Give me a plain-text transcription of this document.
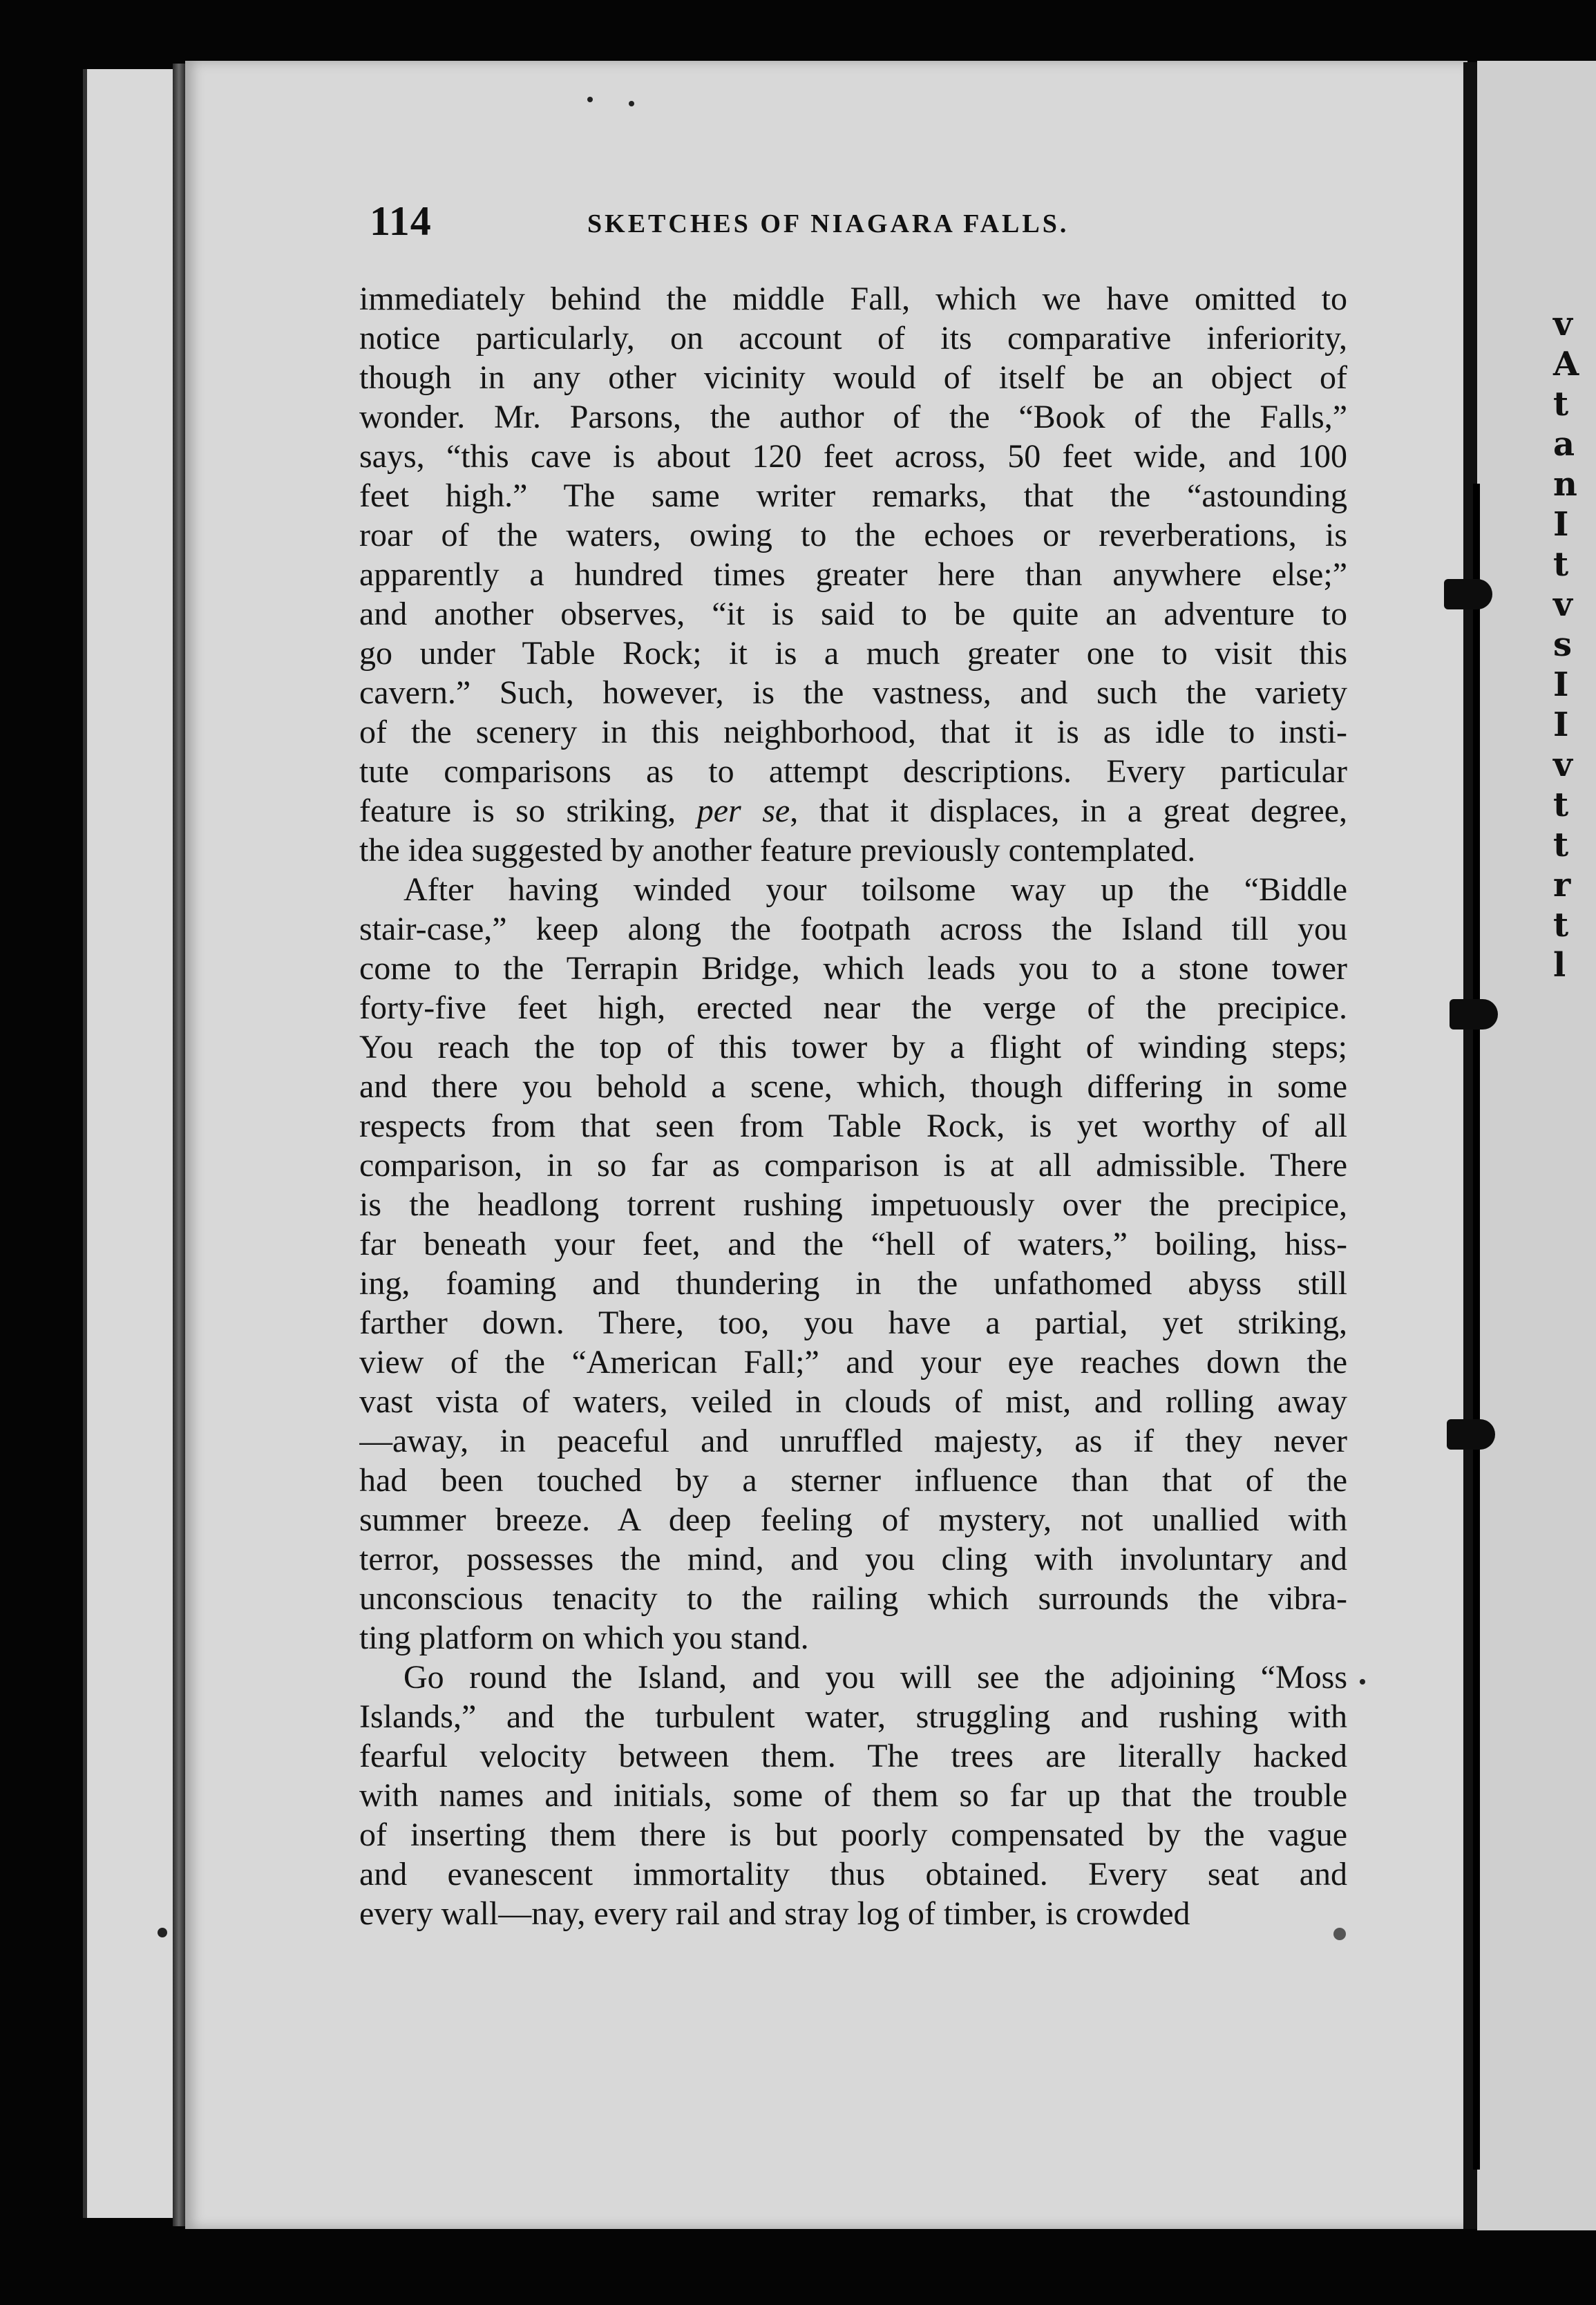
v
A
t
a
n
I
t
v
s
I
I
v
t
t
r
t
l
114	SKETCHES OF NIAGARA FALLS.
immediately behind the middle Fall, which we have omitted to
notice particularly, on account of its comparative inferiority,
though in any other vicinity would of itself be an object of
wonder. Mr. Parsons, the author of the “Book of the Falls,”
says, “this cave is about 120 feet across, 50 feet wide, and 100
feet high.” The same writer remarks, that the “astounding
roar of the waters, owing to the echoes or reverberations, is
apparently a hundred times greater here than anywhere else;”
and another observes, “it is said to be quite an adventure to
go under Table Rock; it is a much greater one to visit this
cavern.” Such, however, is the vastness, and such the variety
of the scenery in this neighborhood, that it is as idle to insti-
tute comparisons as to attempt descriptions. Every particular
feature is so striking, per se, that it displaces, in a great degree,
the idea suggested by another feature previously contemplated.
After having winded your toilsome way up the “Biddle
stair-case,” keep along the footpath across the Island till you
come to the Terrapin Bridge, which leads you to a stone tower
forty-five feet high, erected near the verge of the precipice.
You reach the top of this tower by a flight of winding steps;
and there you behold a scene, which, though differing in some
respects from that seen from Table Rock, is yet worthy of all
comparison, in so far as comparison is at all admissible. There
is the headlong torrent rushing impetuously over the precipice,
far beneath your feet, and the “hell of waters,” boiling, hiss-
ing, foaming and thundering in the unfathomed abyss still
farther down. There, too, you have a partial, yet striking,
view of the “American Fall;” and your eye reaches down the
vast vista of waters, veiled in clouds of mist, and rolling away
—away, in peaceful and unruffled majesty, as if they never
had been touched by a sterner influence than that of the
summer breeze. A deep feeling of mystery, not unallied with
terror, possesses the mind, and you cling with involuntary and
unconscious tenacity to the railing which surrounds the vibra-
ting platform on which you stand.
Go round the Island, and you will see the adjoining “Moss
Islands,” and the turbulent water, struggling and rushing with
fearful velocity between them. The trees are literally hacked
with names and initials, some of them so far up that the trouble
of inserting them there is but poorly compensated by the vague
and evanescent immortality thus obtained. Every seat and
every wall—nay, every rail and stray log of timber, is crowded
